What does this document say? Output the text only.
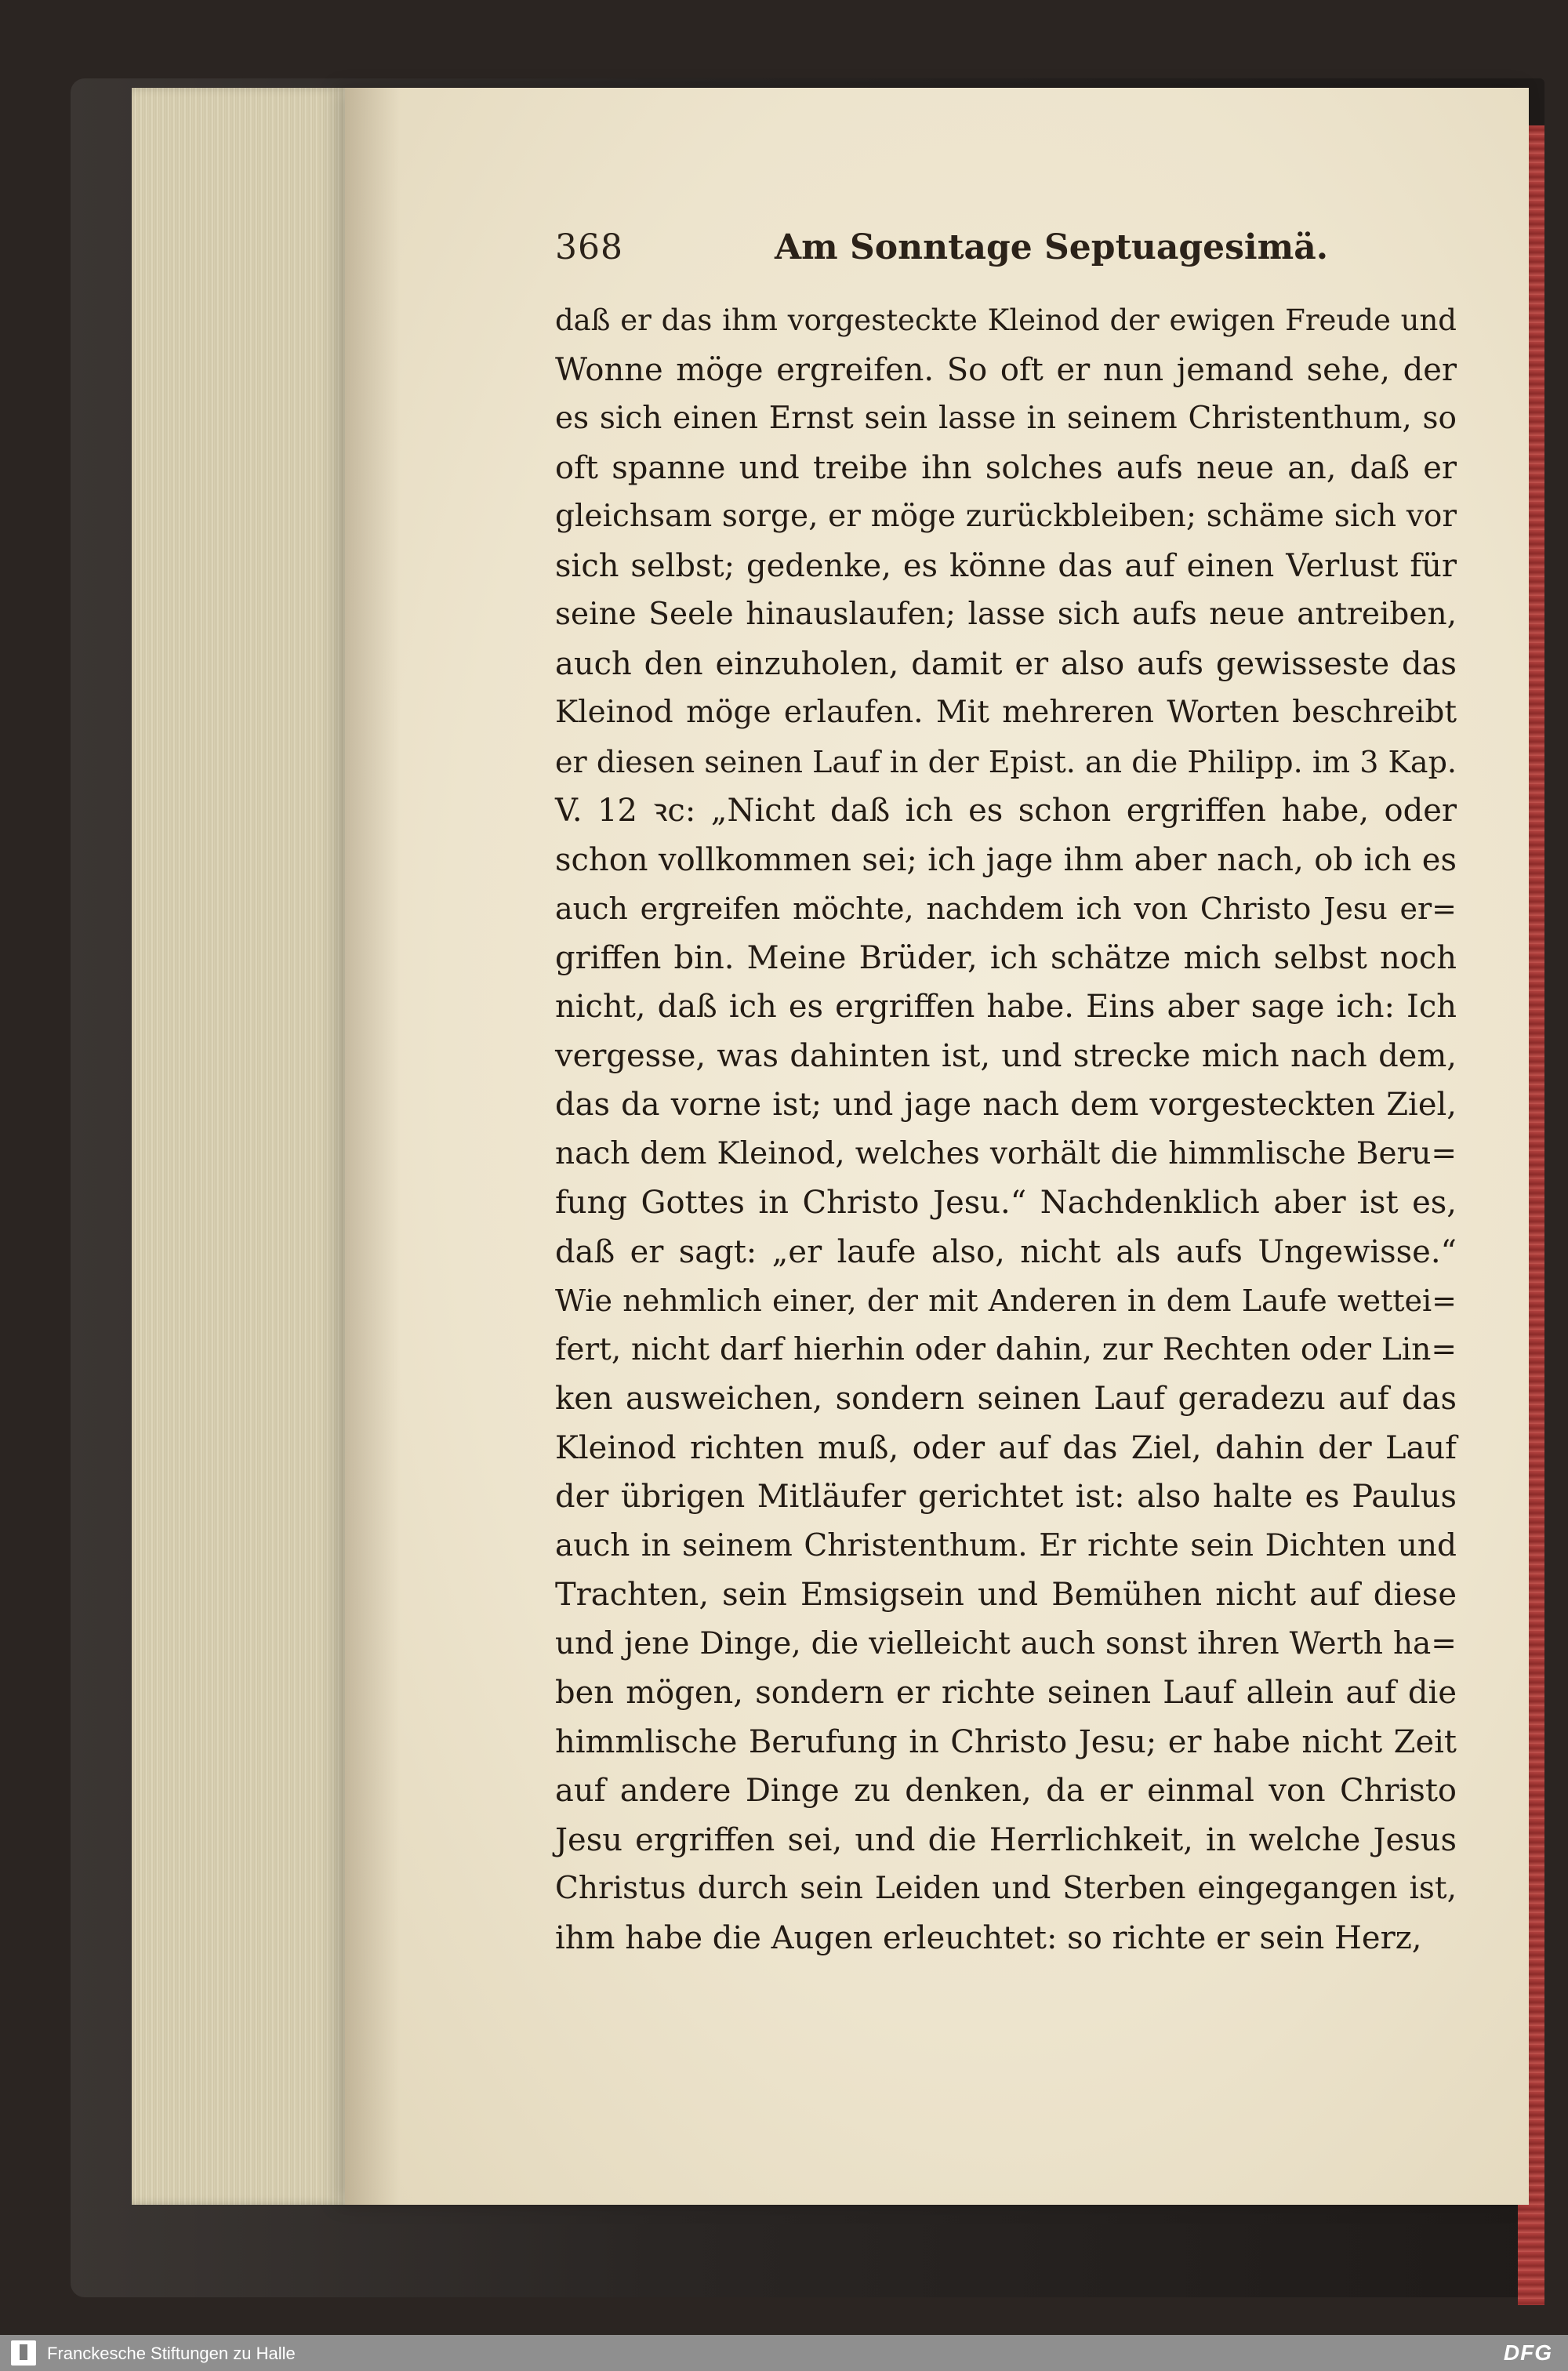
368	Am Sonntage Septuagesimä.
daß er das ihm vorgesteckte Kleinod der ewigen Freude und
Wonne möge ergreifen. So oft er nun jemand sehe, der
es sich einen Ernst sein lasse in seinem Christenthum, so
oft spanne und treibe ihn solches aufs neue an, daß er
gleichsam sorge, er möge zurückbleiben; schäme sich vor
sich selbst; gedenke, es könne das auf einen Verlust für
seine Seele hinauslaufen; lasse sich aufs neue antreiben,
auch den einzuholen, damit er also aufs gewisseste das
Kleinod möge erlaufen. Mit mehreren Worten beschreibt
er diesen seinen Lauf in der Epist. an die Philipp. im 3 Kap.
V. 12 ꝛc: „Nicht daß ich es schon ergriffen habe, oder
schon vollkommen sei; ich jage ihm aber nach, ob ich es
auch ergreifen möchte, nachdem ich von Christo Jesu er=
griffen bin. Meine Brüder, ich schätze mich selbst noch
nicht, daß ich es ergriffen habe. Eins aber sage ich: Ich
vergesse, was dahinten ist, und strecke mich nach dem,
das da vorne ist; und jage nach dem vorgesteckten Ziel,
nach dem Kleinod, welches vorhält die himmlische Beru=
fung Gottes in Christo Jesu.“ Nachdenklich aber ist es,
daß er sagt: „er laufe also, nicht als aufs Ungewisse.“
Wie nehmlich einer, der mit Anderen in dem Laufe wettei=
fert, nicht darf hierhin oder dahin, zur Rechten oder Lin=
ken ausweichen, sondern seinen Lauf geradezu auf das
Kleinod richten muß, oder auf das Ziel, dahin der Lauf
der übrigen Mitläufer gerichtet ist: also halte es Paulus
auch in seinem Christenthum. Er richte sein Dichten und
Trachten, sein Emsigsein und Bemühen nicht auf diese
und jene Dinge, die vielleicht auch sonst ihren Werth ha=
ben mögen, sondern er richte seinen Lauf allein auf die
himmlische Berufung in Christo Jesu; er habe nicht Zeit
auf andere Dinge zu denken, da er einmal von Christo
Jesu ergriffen sei, und die Herrlichkeit, in welche Jesus
Christus durch sein Leiden und Sterben eingegangen ist,
ihm habe die Augen erleuchtet: so richte er sein Herz,
Franckesche Stiftungen zu Halle	DFG
